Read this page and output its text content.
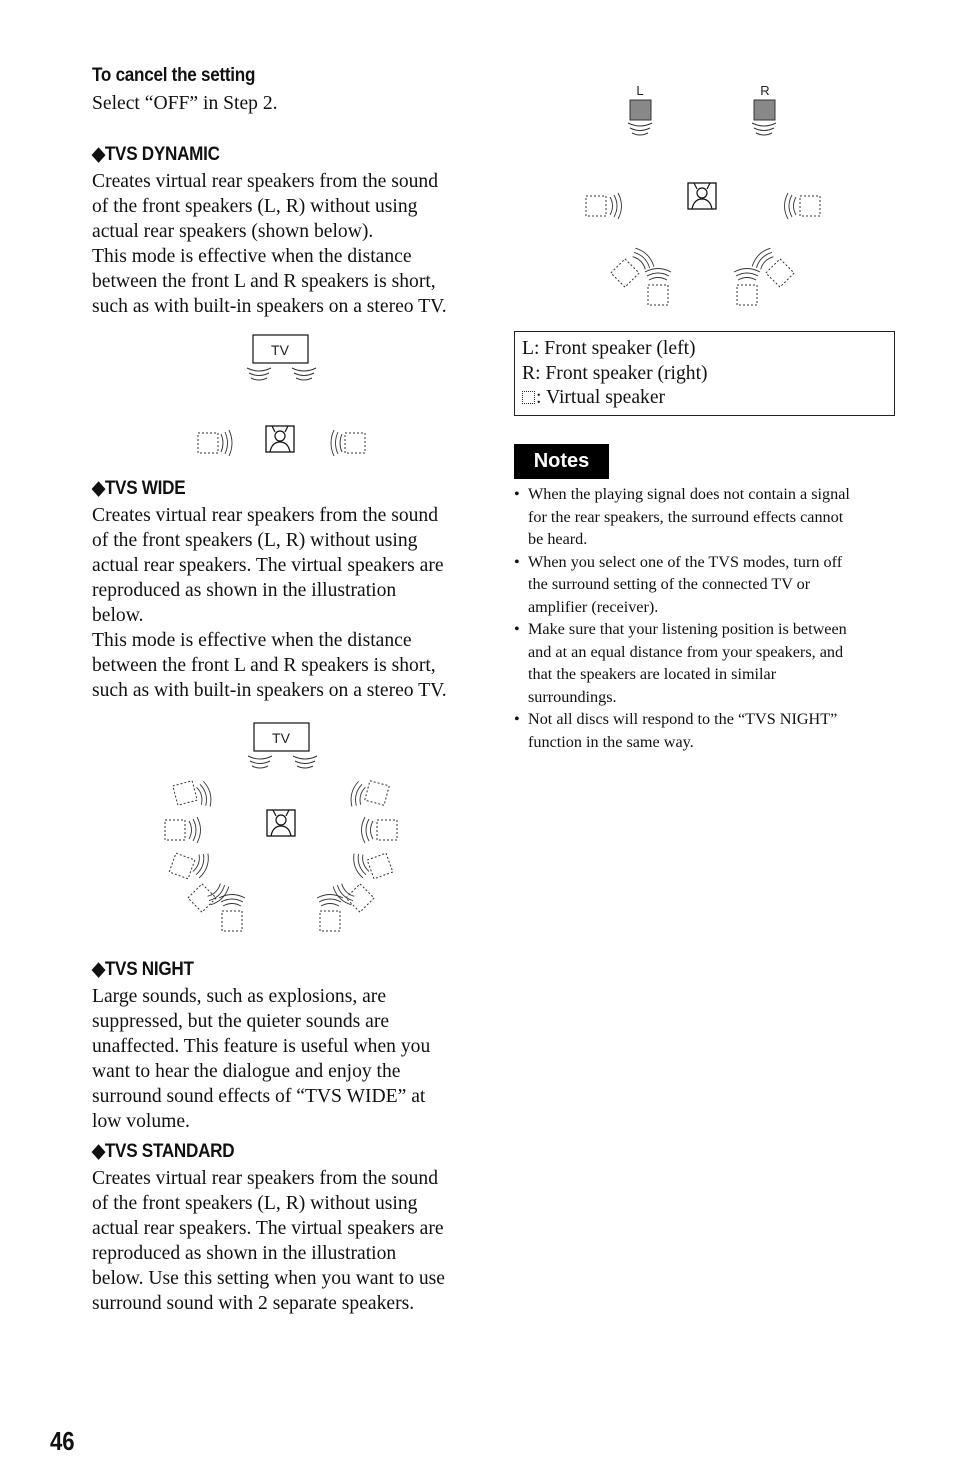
To cancel the setting
Select “OFF” in Step 2.
◆TVS DYNAMIC
Creates virtual rear speakers from the sound
of the front speakers (L, R) without using
actual rear speakers (shown below).
This mode is effective when the distance
between the front L and R speakers is short,
such as with built-in speakers on a stereo TV.
TV
◆TVS WIDE
Creates virtual rear speakers from the sound
of the front speakers (L, R) without using
actual rear speakers. The virtual speakers are
reproduced as shown in the illustration
below.
This mode is effective when the distance
between the front L and R speakers is short,
such as with built-in speakers on a stereo TV.
TV
◆TVS NIGHT
Large sounds, such as explosions, are
suppressed, but the quieter sounds are
unaffected. This feature is useful when you
want to hear the dialogue and enjoy the
surround sound effects of “TVS WIDE” at
low volume.
◆TVS STANDARD
Creates virtual rear speakers from the sound
of the front speakers (L, R) without using
actual rear speakers. The virtual speakers are
reproduced as shown in the illustration
below. Use this setting when you want to use
surround sound with 2 separate speakers.
L	R
L: Front speaker (left)
R: Front speaker (right)
: Virtual speaker
Notes
• When the playing signal does not contain a signal
for the rear speakers, the surround effects cannot
be heard.
• When you select one of the TVS modes, turn off
the surround setting of the connected TV or
amplifier (receiver).
• Make sure that your listening position is between
and at an equal distance from your speakers, and
that the speakers are located in similar
surroundings.
• Not all discs will respond to the “TVS NIGHT”
function in the same way.
46
